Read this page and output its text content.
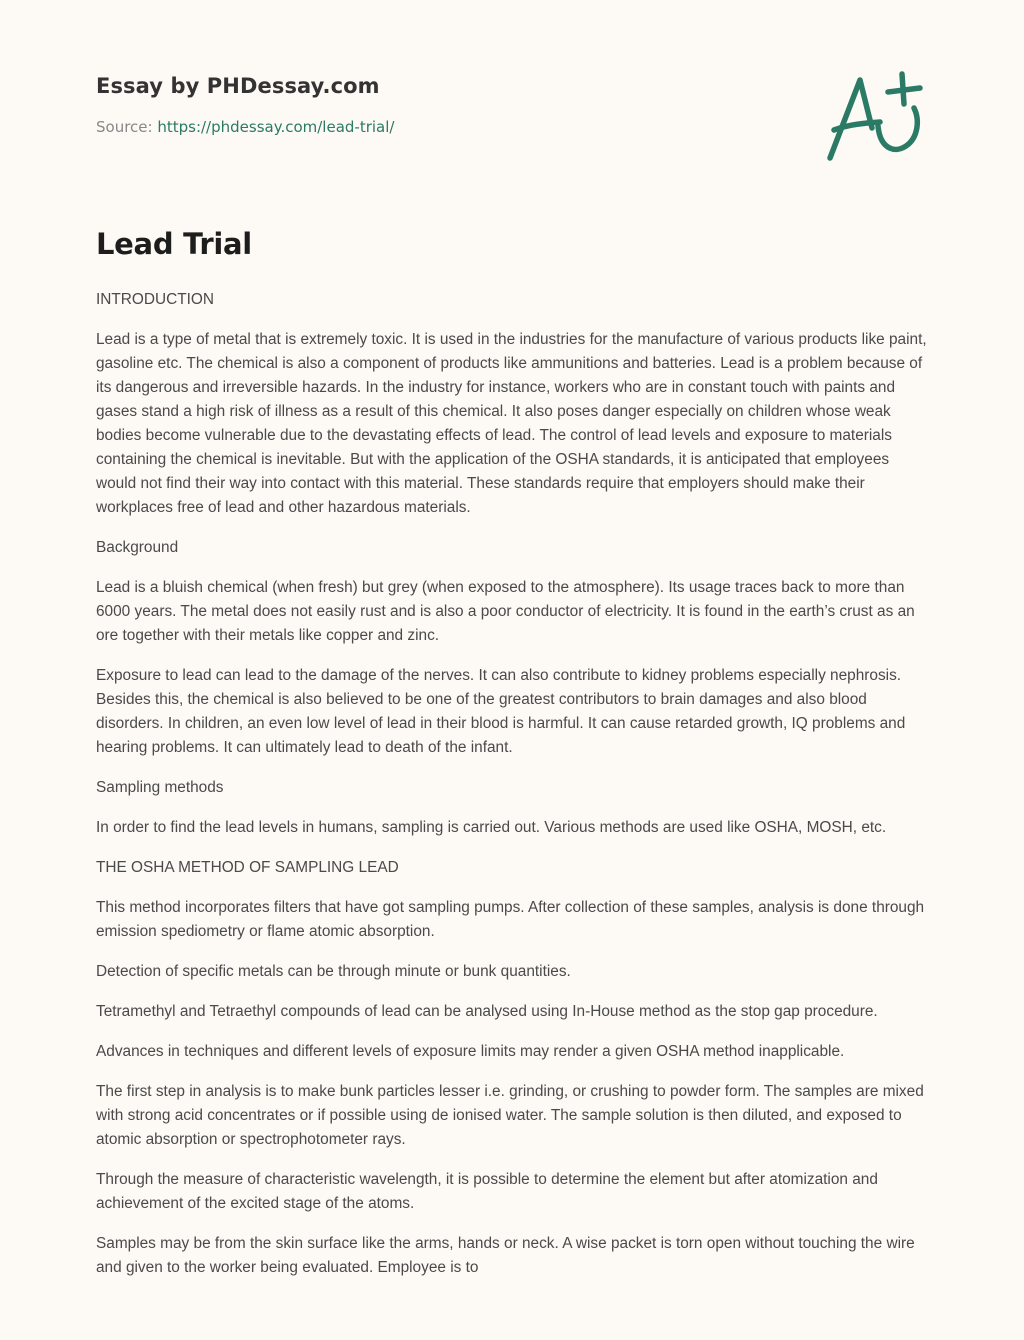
Essay by PHDessay.com
Source: https://phdessay.com/lead-trial/
Lead Trial

INTRODUCTION

Lead is a type of metal that is extremely toxic. It is used in the industries for the manufacture of various products like paint, gasoline etc. The chemical is also a component of products like ammunitions and batteries. Lead is a problem because of its dangerous and irreversible hazards. In the industry for instance, workers who are in constant touch with paints and gases stand a high risk of illness as a result of this chemical. It also poses danger especially on children whose weak bodies become vulnerable due to the devastating effects of lead. The control of lead levels and exposure to materials containing the chemical is inevitable. But with the application of the OSHA standards, it is anticipated that employees would not find their way into contact with this material. These standards require that employers should make their workplaces free of lead and other hazardous materials.

Background

Lead is a bluish chemical (when fresh) but grey (when exposed to the atmosphere). Its usage traces back to more than 6000 years. The metal does not easily rust and is also a poor conductor of electricity. It is found in the earth’s crust as an ore together with their metals like copper and zinc.

Exposure to lead can lead to the damage of the nerves. It can also contribute to kidney problems especially nephrosis. Besides this, the chemical is also believed to be one of the greatest contributors to brain damages and also blood disorders. In children, an even low level of lead in their blood is harmful. It can cause retarded growth, IQ problems and hearing problems. It can ultimately lead to death of the infant.

Sampling methods

In order to find the lead levels in humans, sampling is carried out. Various methods are used like OSHA, MOSH, etc.

THE OSHA METHOD OF SAMPLING LEAD

This method incorporates filters that have got sampling pumps. After collection of these samples, analysis is done through emission spediometry or flame atomic absorption.

Detection of specific metals can be through minute or bunk quantities.

Tetramethyl and Tetraethyl compounds of lead can be analysed using In-House method as the stop gap procedure.

Advances in techniques and different levels of exposure limits may render a given OSHA method inapplicable.

The first step in analysis is to make bunk particles lesser i.e. grinding, or crushing to powder form. The samples are mixed with strong acid concentrates or if possible using de ionised water. The sample solution is then diluted, and exposed to atomic absorption or spectrophotometer rays.

Through the measure of characteristic wavelength, it is possible to determine the element but after atomization and achievement of the excited stage of the atoms.

Samples may be from the skin surface like the arms, hands or neck. A wise packet is torn open without touching the wire and given to the worker being evaluated. Employee is to
